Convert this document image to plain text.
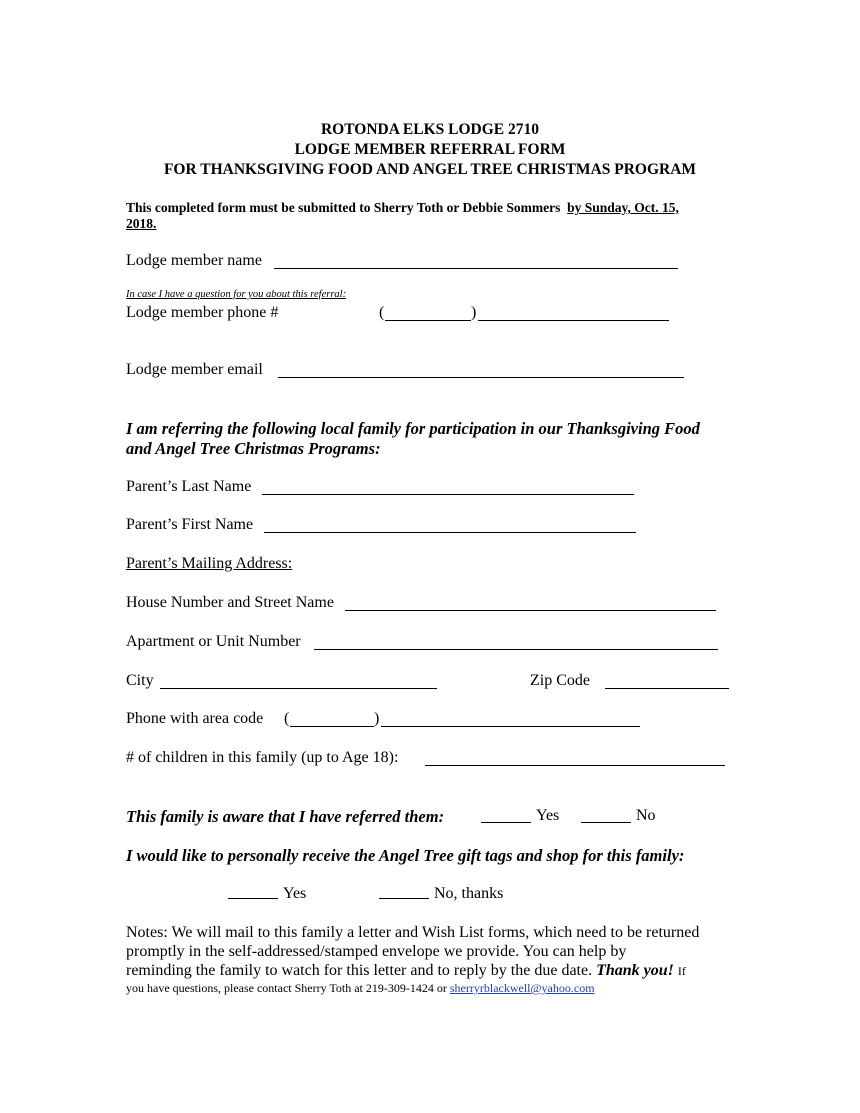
ROTONDA ELKS LODGE 2710
LODGE MEMBER REFERRAL FORM
FOR THANKSGIVING FOOD AND ANGEL TREE CHRISTMAS PROGRAM
This completed form must be submitted to Sherry Toth or Debbie Sommers by Sunday, Oct. 15,
2018.
Lodge member name
In case I have a question for you about this referral:
Lodge member phone #	(	)
Lodge member email
I am referring the following local family for participation in our Thanksgiving Food
and Angel Tree Christmas Programs:
Parent’s Last Name
Parent’s First Name
Parent’s Mailing Address:
House Number and Street Name
Apartment or Unit Number
City	Zip Code
Phone with area code (	)
# of children in this family (up to Age 18):
This family is aware that I have referred them:	Yes	No
I would like to personally receive the Angel Tree gift tags and shop for this family:
Yes	No, thanks
Notes: We will mail to this family a letter and Wish List forms, which need to be returned
promptly in the self-addressed/stamped envelope we provide. You can help by
reminding the family to watch for this letter and to reply by the due date. Thank you! If
you have questions, please contact Sherry Toth at 219-309-1424 or sherryrblackwell@yahoo.com
